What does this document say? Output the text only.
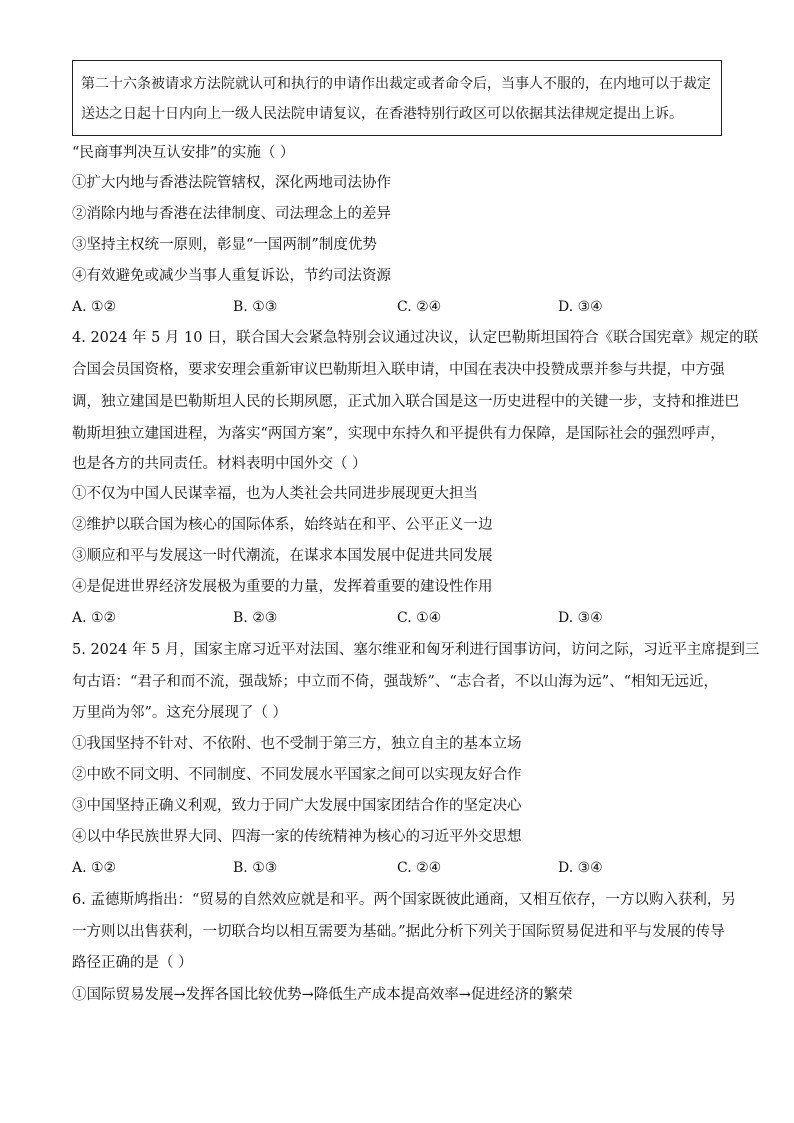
第二十六条被请求方法院就认可和执行的申请作出裁定或者命令后，当事人不服的，在内地可以于裁定
送达之日起十日内向上一级人民法院申请复议，在香港特别行政区可以依据其法律规定提出上诉。
“民商事判决互认安排”的实施（ ）
①扩大内地与香港法院管辖权，深化两地司法协作
②消除内地与香港在法律制度、司法理念上的差异
③坚持主权统一原则，彰显“一国两制”制度优势
④有效避免或减少当事人重复诉讼，节约司法资源
A. ①②	B. ①③	C. ②④	D. ③④
4. 2024 年 5 月 10 日，联合国大会紧急特别会议通过决议，认定巴勒斯坦国符合《联合国宪章》规定的联
合国会员国资格，要求安理会重新审议巴勒斯坦入联申请，中国在表决中投赞成票并参与共提，中方强
调，独立建国是巴勒斯坦人民的长期夙愿，正式加入联合国是这一历史进程中的关键一步，支持和推进巴
勒斯坦独立建国进程，为落实“两国方案”，实现中东持久和平提供有力保障，是国际社会的强烈呼声，
也是各方的共同责任。材料表明中国外交（ ）
①不仅为中国人民谋幸福，也为人类社会共同进步展现更大担当
②维护以联合国为核心的国际体系，始终站在和平、公平正义一边
③顺应和平与发展这一时代潮流，在谋求本国发展中促进共同发展
④是促进世界经济发展极为重要的力量，发挥着重要的建设性作用
A. ①②	B. ②③	C. ①④	D. ③④
5. 2024 年 5 月，国家主席习近平对法国、塞尔维亚和匈牙利进行国事访问，访问之际，习近平主席提到三
句古语：“君子和而不流，强哉矫；中立而不倚，强哉矫”、“志合者，不以山海为远”、“相知无远近，
万里尚为邻”。这充分展现了（ ）
①我国坚持不针对、不依附、也不受制于第三方，独立自主的基本立场
②中欧不同文明、不同制度、不同发展水平国家之间可以实现友好合作
③中国坚持正确义利观，致力于同广大发展中国家团结合作的坚定决心
④以中华民族世界大同、四海一家的传统精神为核心的习近平外交思想
A. ①②	B. ①③	C. ②④	D. ③④
6. 孟德斯鸠指出：“贸易的自然效应就是和平。两个国家既彼此通商，又相互依存，一方以购入获利，另
一方则以出售获利，一切联合均以相互需要为基础。”据此分析下列关于国际贸易促进和平与发展的传导
路径正确的是（ ）
①国际贸易发展→发挥各国比较优势→降低生产成本提高效率→促进经济的繁荣
